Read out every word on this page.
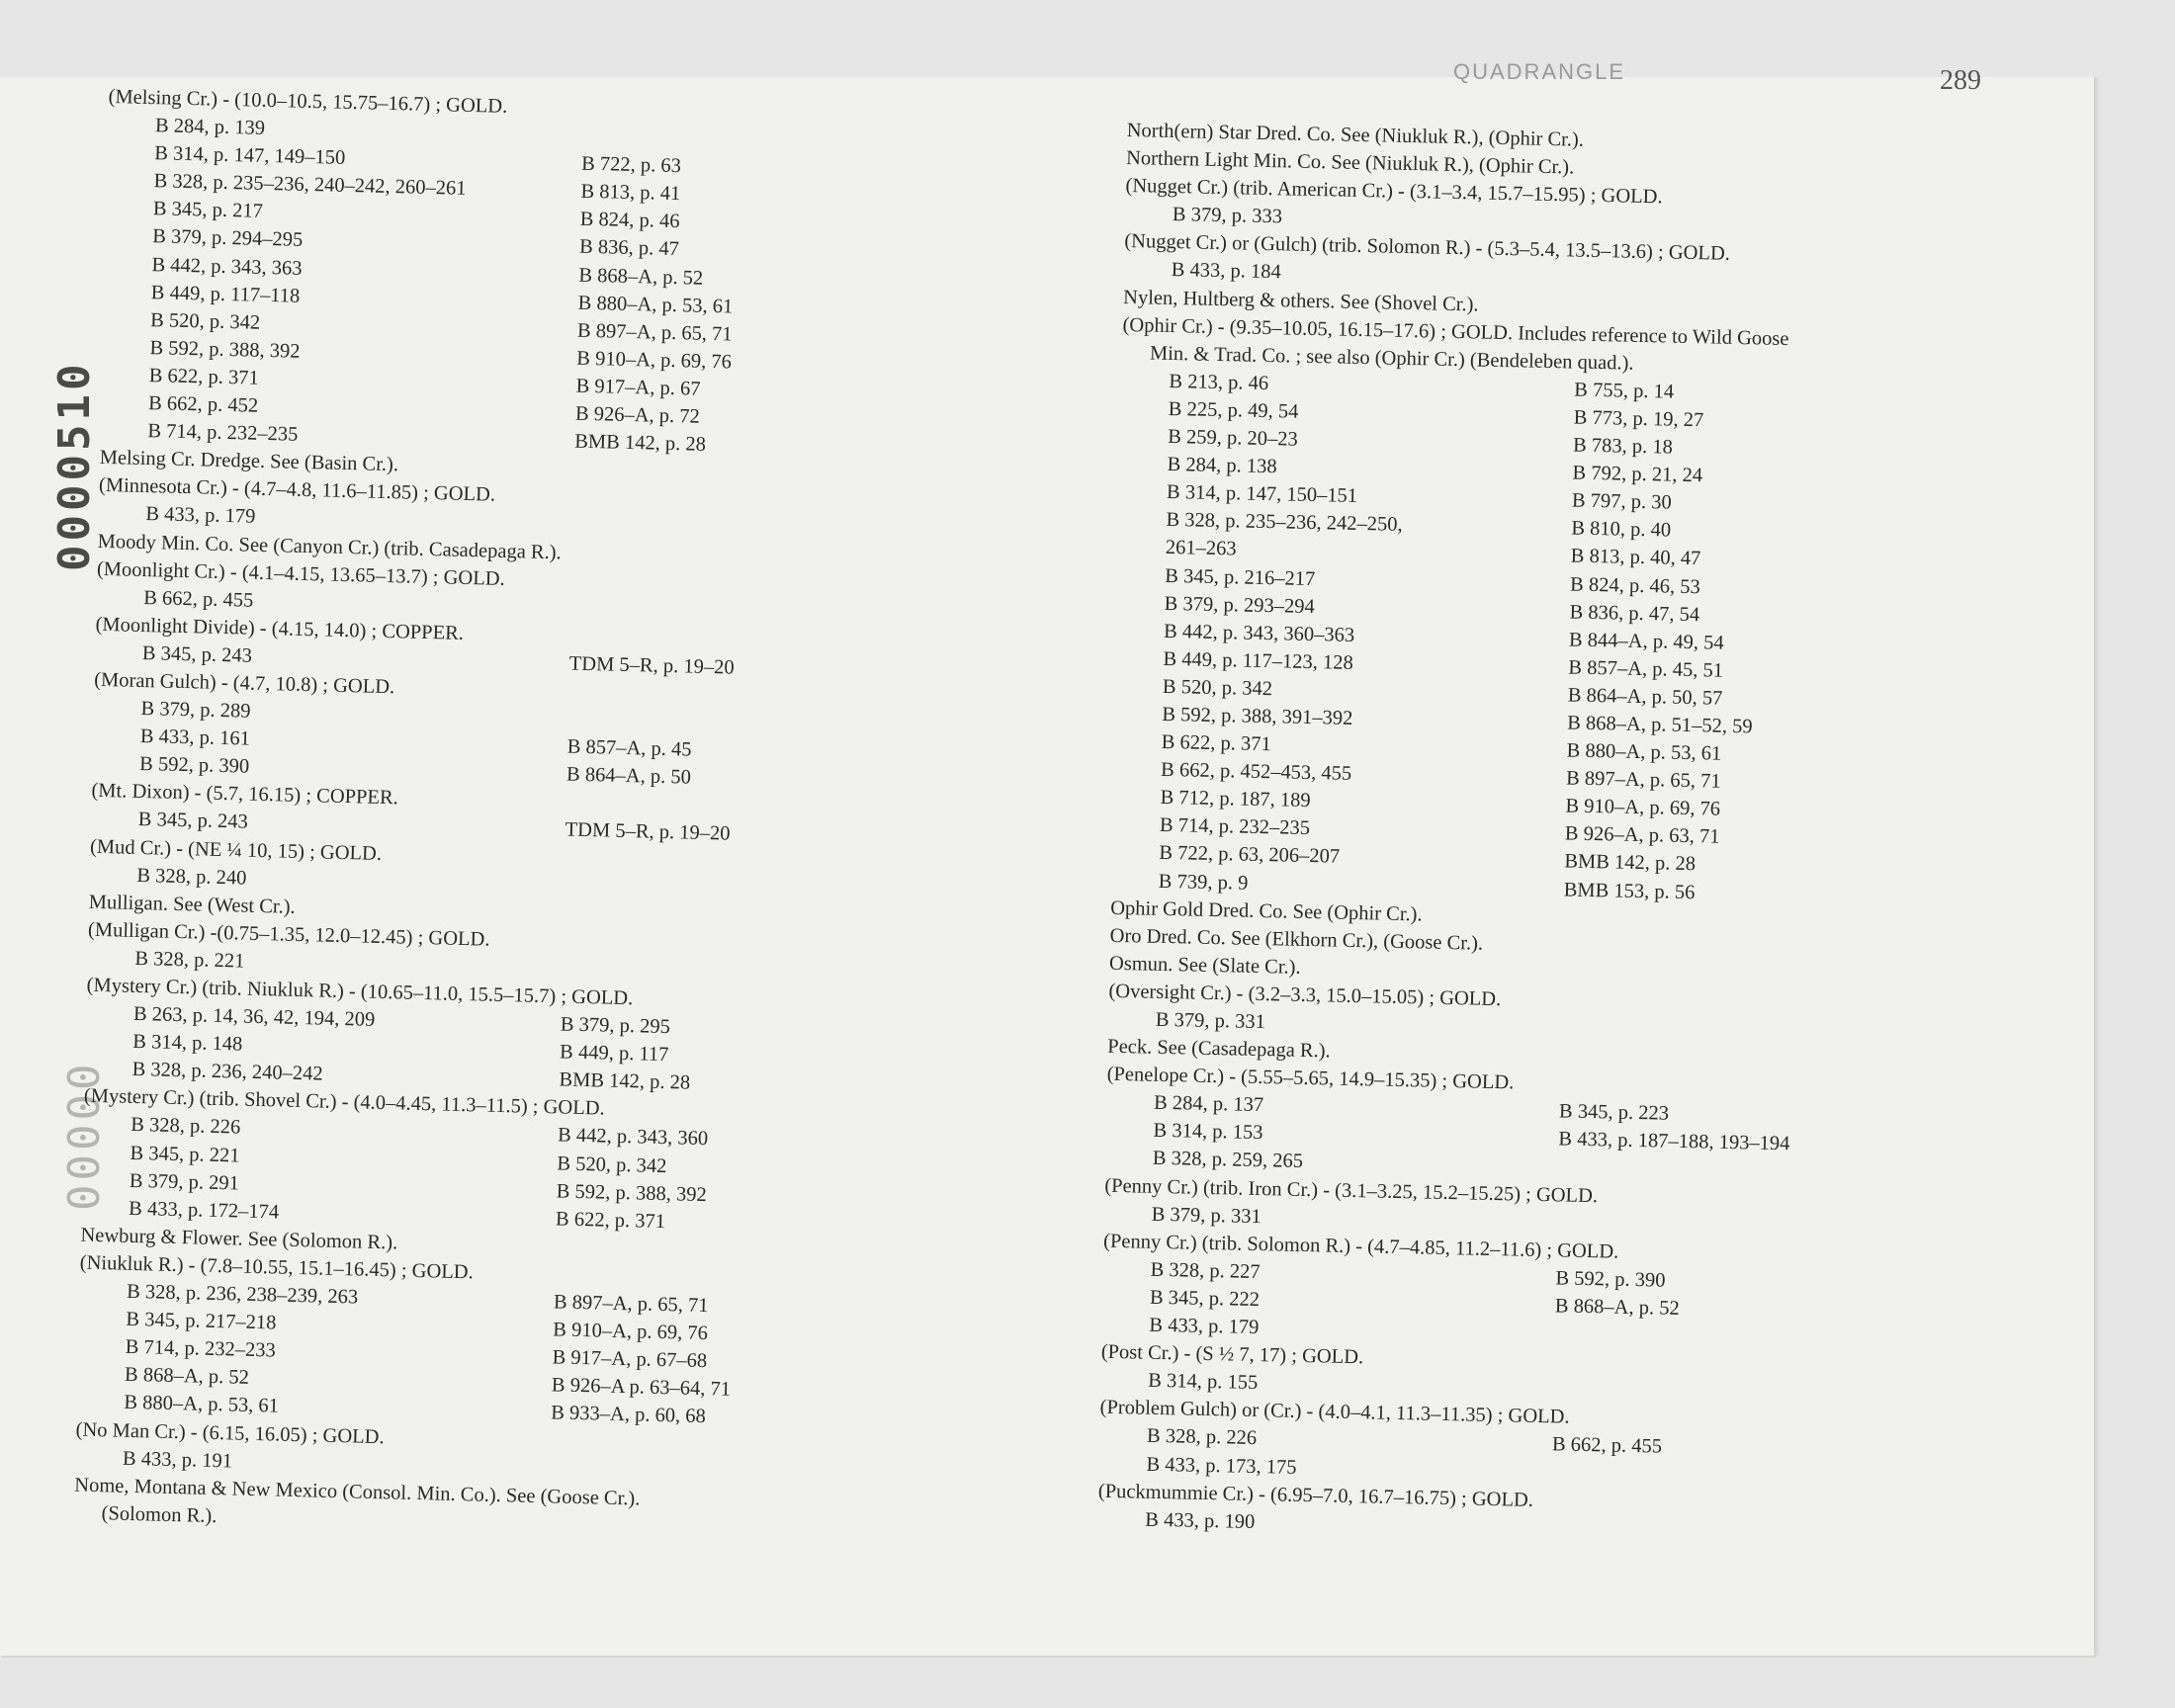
QUADRANGLE	289
0000510
00000
(Melsing Cr.) - (10.0–10.5, 15.75–16.7) ; GOLD.
B 284, p. 139
B 314, p. 147, 149–150	B 722, p. 63
B 328, p. 235–236, 240–242, 260–261	B 813, p. 41
B 345, p. 217	B 824, p. 46
B 379, p. 294–295	B 836, p. 47
B 442, p. 343, 363	B 868–A, p. 52
B 449, p. 117–118	B 880–A, p. 53, 61
B 520, p. 342	B 897–A, p. 65, 71
B 592, p. 388, 392	B 910–A, p. 69, 76
B 622, p. 371	B 917–A, p. 67
B 662, p. 452	B 926–A, p. 72
B 714, p. 232–235	BMB 142, p. 28
Melsing Cr. Dredge. See (Basin Cr.).
(Minnesota Cr.) - (4.7–4.8, 11.6–11.85) ; GOLD.
B 433, p. 179
Moody Min. Co. See (Canyon Cr.) (trib. Casadepaga R.).
(Moonlight Cr.) - (4.1–4.15, 13.65–13.7) ; GOLD.
B 662, p. 455
(Moonlight Divide) - (4.15, 14.0) ; COPPER.
B 345, p. 243	TDM 5–R, p. 19–20
(Moran Gulch) - (4.7, 10.8) ; GOLD.
B 379, p. 289
B 433, p. 161	B 857–A, p. 45
B 592, p. 390	B 864–A, p. 50
(Mt. Dixon) - (5.7, 16.15) ; COPPER.
B 345, p. 243	TDM 5–R, p. 19–20
(Mud Cr.) - (NE ¼ 10, 15) ; GOLD.
B 328, p. 240
Mulligan. See (West Cr.).
(Mulligan Cr.) -(0.75–1.35, 12.0–12.45) ; GOLD.
B 328, p. 221
(Mystery Cr.) (trib. Niukluk R.) - (10.65–11.0, 15.5–15.7) ; GOLD.
B 263, p. 14, 36, 42, 194, 209	B 379, p. 295
B 314, p. 148	B 449, p. 117
B 328, p. 236, 240–242	BMB 142, p. 28
(Mystery Cr.) (trib. Shovel Cr.) - (4.0–4.45, 11.3–11.5) ; GOLD.
B 328, p. 226	B 442, p. 343, 360
B 345, p. 221	B 520, p. 342
B 379, p. 291	B 592, p. 388, 392
B 433, p. 172–174	B 622, p. 371
Newburg & Flower. See (Solomon R.).
(Niukluk R.) - (7.8–10.55, 15.1–16.45) ; GOLD.
B 328, p. 236, 238–239, 263	B 897–A, p. 65, 71
B 345, p. 217–218	B 910–A, p. 69, 76
B 714, p. 232–233	B 917–A, p. 67–68
B 868–A, p. 52	B 926–A p. 63–64, 71
B 880–A, p. 53, 61	B 933–A, p. 60, 68
(No Man Cr.) - (6.15, 16.05) ; GOLD.
B 433, p. 191
Nome, Montana & New Mexico (Consol. Min. Co.). See (Goose Cr.).
(Solomon R.).
North(ern) Star Dred. Co. See (Niukluk R.), (Ophir Cr.).
Northern Light Min. Co. See (Niukluk R.), (Ophir Cr.).
(Nugget Cr.) (trib. American Cr.) - (3.1–3.4, 15.7–15.95) ; GOLD.
B 379, p. 333
(Nugget Cr.) or (Gulch) (trib. Solomon R.) - (5.3–5.4, 13.5–13.6) ; GOLD.
B 433, p. 184
Nylen, Hultberg & others. See (Shovel Cr.).
(Ophir Cr.) - (9.35–10.05, 16.15–17.6) ; GOLD. Includes reference to Wild Goose
Min. & Trad. Co. ; see also (Ophir Cr.) (Bendeleben quad.).
B 213, p. 46	B 755, p. 14
B 225, p. 49, 54	B 773, p. 19, 27
B 259, p. 20–23	B 783, p. 18
B 284, p. 138	B 792, p. 21, 24
B 314, p. 147, 150–151	B 797, p. 30
B 328, p. 235–236, 242–250,	B 810, p. 40
261–263	B 813, p. 40, 47
B 345, p. 216–217	B 824, p. 46, 53
B 379, p. 293–294	B 836, p. 47, 54
B 442, p. 343, 360–363	B 844–A, p. 49, 54
B 449, p. 117–123, 128	B 857–A, p. 45, 51
B 520, p. 342	B 864–A, p. 50, 57
B 592, p. 388, 391–392	B 868–A, p. 51–52, 59
B 622, p. 371	B 880–A, p. 53, 61
B 662, p. 452–453, 455	B 897–A, p. 65, 71
B 712, p. 187, 189	B 910–A, p. 69, 76
B 714, p. 232–235	B 926–A, p. 63, 71
B 722, p. 63, 206–207	BMB 142, p. 28
B 739, p. 9	BMB 153, p. 56
Ophir Gold Dred. Co. See (Ophir Cr.).
Oro Dred. Co. See (Elkhorn Cr.), (Goose Cr.).
Osmun. See (Slate Cr.).
(Oversight Cr.) - (3.2–3.3, 15.0–15.05) ; GOLD.
B 379, p. 331
Peck. See (Casadepaga R.).
(Penelope Cr.) - (5.55–5.65, 14.9–15.35) ; GOLD.
B 284, p. 137	B 345, p. 223
B 314, p. 153	B 433, p. 187–188, 193–194
B 328, p. 259, 265
(Penny Cr.) (trib. Iron Cr.) - (3.1–3.25, 15.2–15.25) ; GOLD.
B 379, p. 331
(Penny Cr.) (trib. Solomon R.) - (4.7–4.85, 11.2–11.6) ; GOLD.
B 328, p. 227	B 592, p. 390
B 345, p. 222	B 868–A, p. 52
B 433, p. 179
(Post Cr.) - (S ½ 7, 17) ; GOLD.
B 314, p. 155
(Problem Gulch) or (Cr.) - (4.0–4.1, 11.3–11.35) ; GOLD.
B 328, p. 226	B 662, p. 455
B 433, p. 173, 175
(Puckmummie Cr.) - (6.95–7.0, 16.7–16.75) ; GOLD.
B 433, p. 190
